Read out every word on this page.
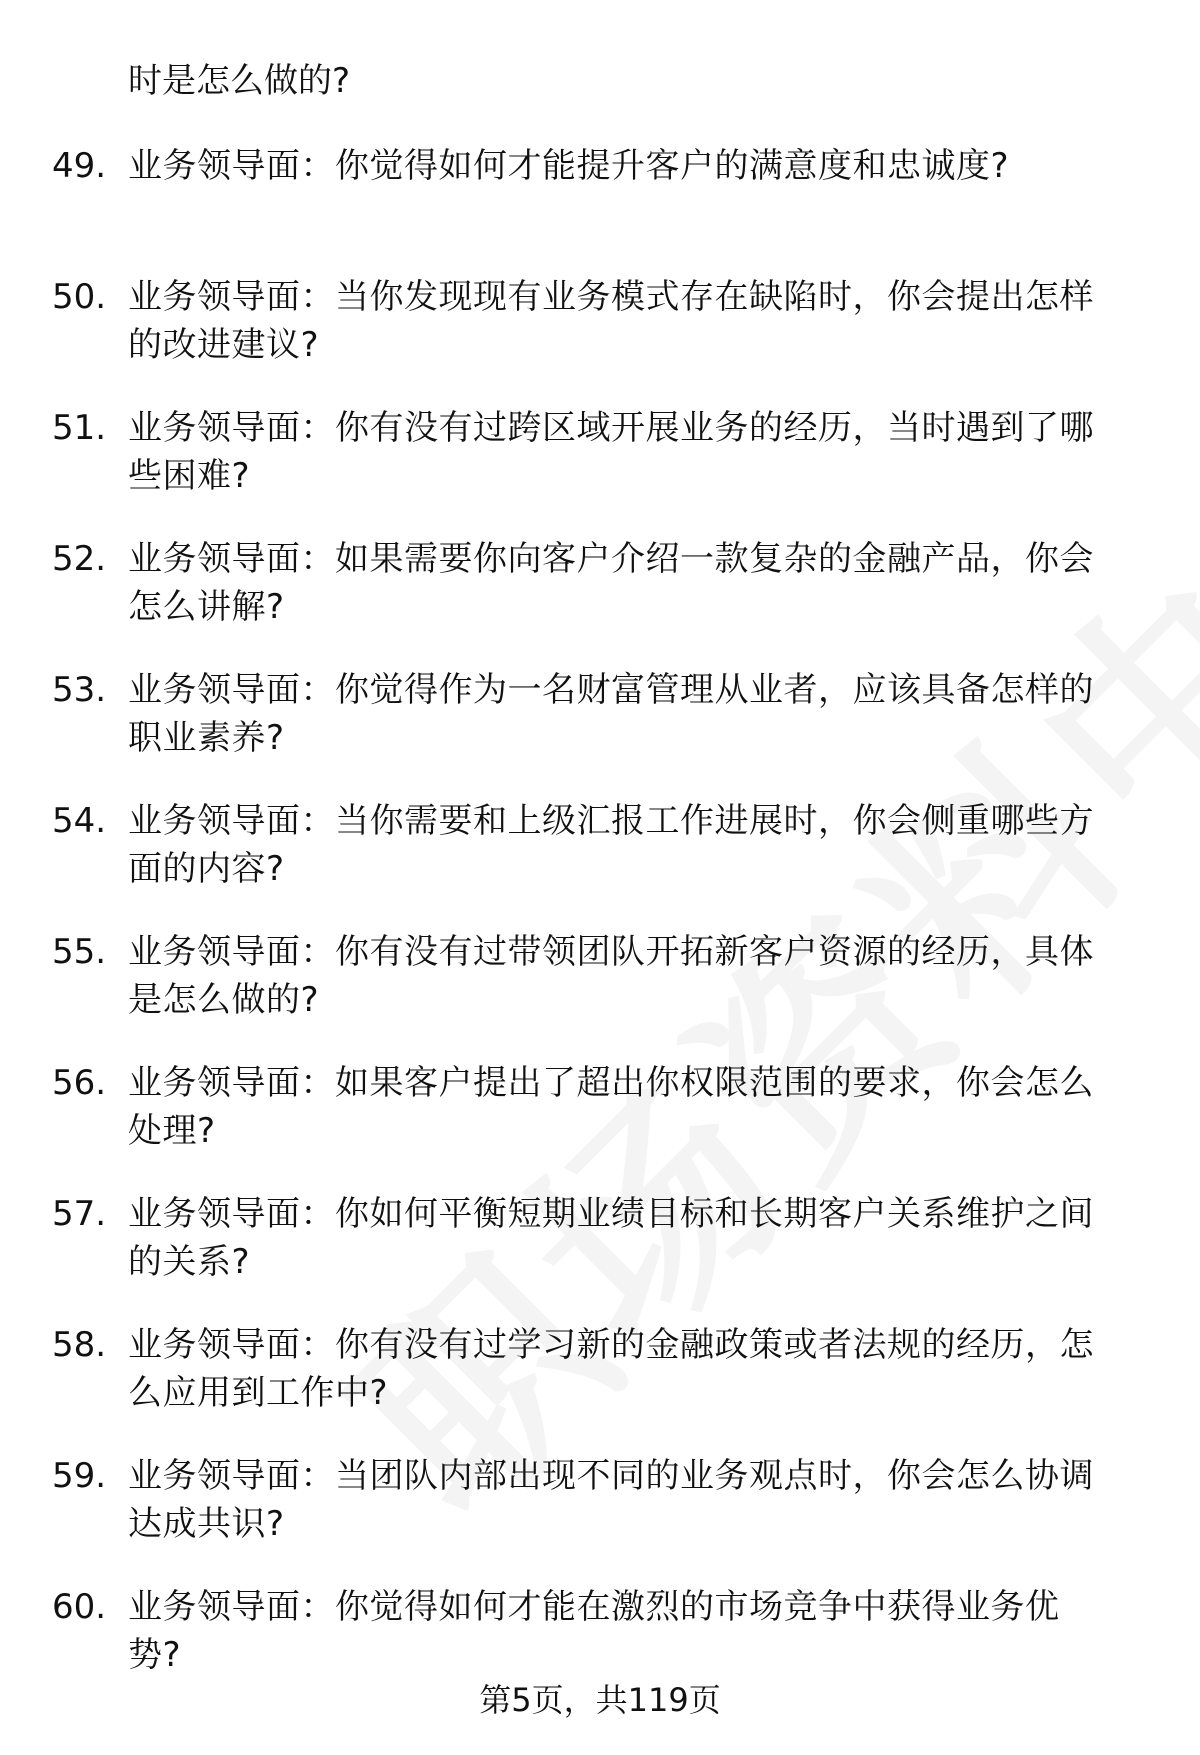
时是怎么做的?
49. 业务领导面：你觉得如何才能提升客户的满意度和忠诚度?
50. 业务领导面：当你发现现有业务模式存在缺陷时，你会提出怎样
的改进建议?
51. 业务领导面：你有没有过跨区域开展业务的经历，当时遇到了哪
些困难?
52. 业务领导面：如果需要你向客户介绍一款复杂的金融产品，你会
怎么讲解?
53. 业务领导面：你觉得作为一名财富管理从业者，应该具备怎样的
职业素养?
54. 业务领导面：当你需要和上级汇报工作进展时，你会侧重哪些方
面的内容?
55. 业务领导面：你有没有过带领团队开拓新客户资源的经历，具体
是怎么做的?
56. 业务领导面：如果客户提出了超出你权限范围的要求，你会怎么
处理?
57. 业务领导面：你如何平衡短期业绩目标和长期客户关系维护之间
的关系?
58. 业务领导面：你有没有过学习新的金融政策或者法规的经历，怎
么应用到工作中?
59. 业务领导面：当团队内部出现不同的业务观点时，你会怎么协调
达成共识?
60. 业务领导面：你觉得如何才能在激烈的市场竞争中获得业务优
势?
第5页，共119页
